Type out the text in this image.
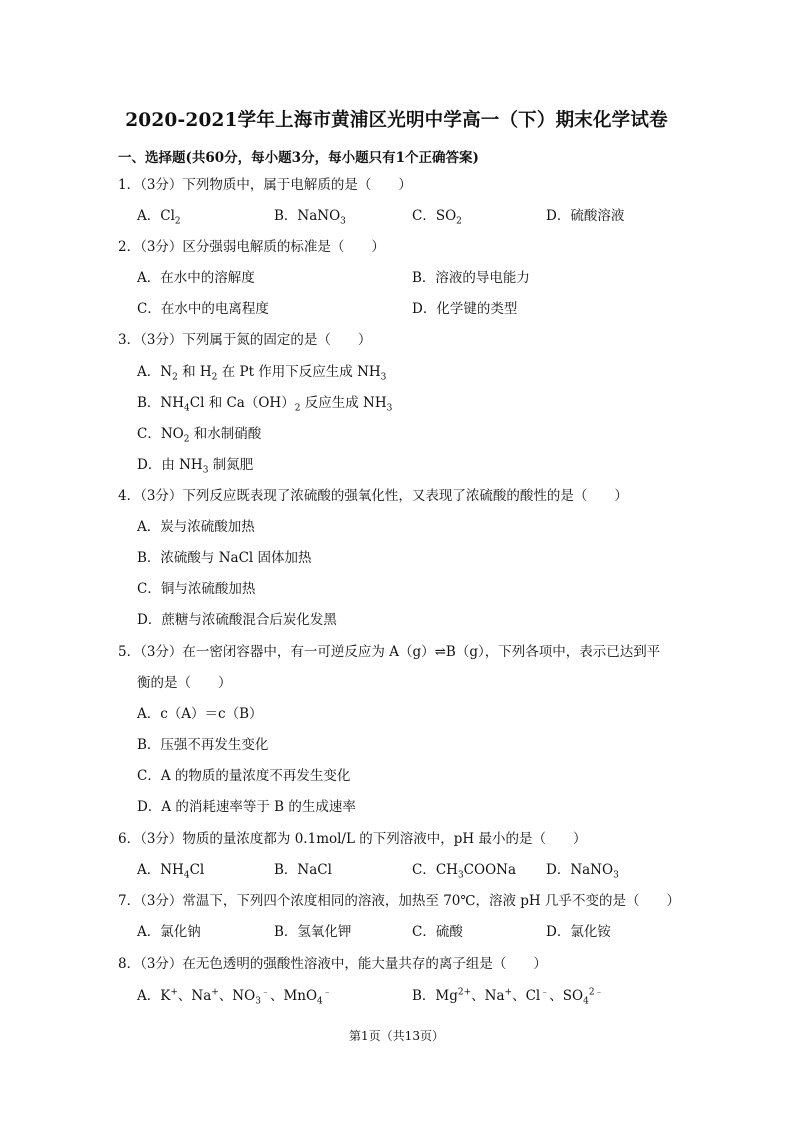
2020-2021学年上海市黄浦区光明中学高一（下）期末化学试卷
一、选择题(共60分，每小题3分，每小题只有1个正确答案)
1．（3分）下列物质中，属于电解质的是（　　）
A．$Cl_2$	B．NaNO$_3$	C．$SO_2$	D．硫酸溶液
2．（3分）区分强弱电解质的标准是（　　）
A．在水中的溶解度	B．溶液的导电能力
C．在水中的电离程度	D．化学键的类型
3．（3分）下列属于氮的固定的是（　　）
A．$N_2$ 和 $H_2$ 在 Pt 作用下反应生成 $NH_3$
B．$NH_4Cl$ 和 $Ca(OH)_2$ 反应生成 $NH_3$
C．$NO_2$ 和水制硝酸
D．由 $NH_3$ 制氮肥
4．（3分）下列反应既表现了浓硫酸的强氧化性，又表现了浓硫酸的酸性的是（　　）
A．炭与浓硫酸加热
B．浓硫酸与 NaCl 固体加热
C．铜与浓硫酸加热
D．蔗糖与浓硫酸混合后炭化发黑
5．（3分）在一密闭容器中，有一可逆反应为 A（g）⇌B（g），下列各项中，表示已达到平
衡的是（　　）
A．c（A）＝c（B）
B．压强不再发生变化
C．A 的物质的量浓度不再发生变化
D．A 的消耗速率等于 B 的生成速率
6．（3分）物质的量浓度都为 0.1mol/L 的下列溶液中，pH 最小的是（　　）
A．$NH_4Cl$	B．NaCl	C．$CH_3COONa$ D．NaNO$_3$
7．（3分）常温下，下列四个浓度相同的溶液，加热至 70℃，溶液 pH 几乎不变的是（　　）
A．氯化钠	B．氢氧化钾	C．硫酸	D．氯化铵
8．（3分）在无色透明的强酸性溶液中，能大量共存的离子组是（　　）
A．K+、Na+、$NO_3^﹣$、MnO$_4$﹣	B．$Mg^{2+}$、Na+、Cl﹣、$SO_4^{2﹣}$
第1页（共13页）
